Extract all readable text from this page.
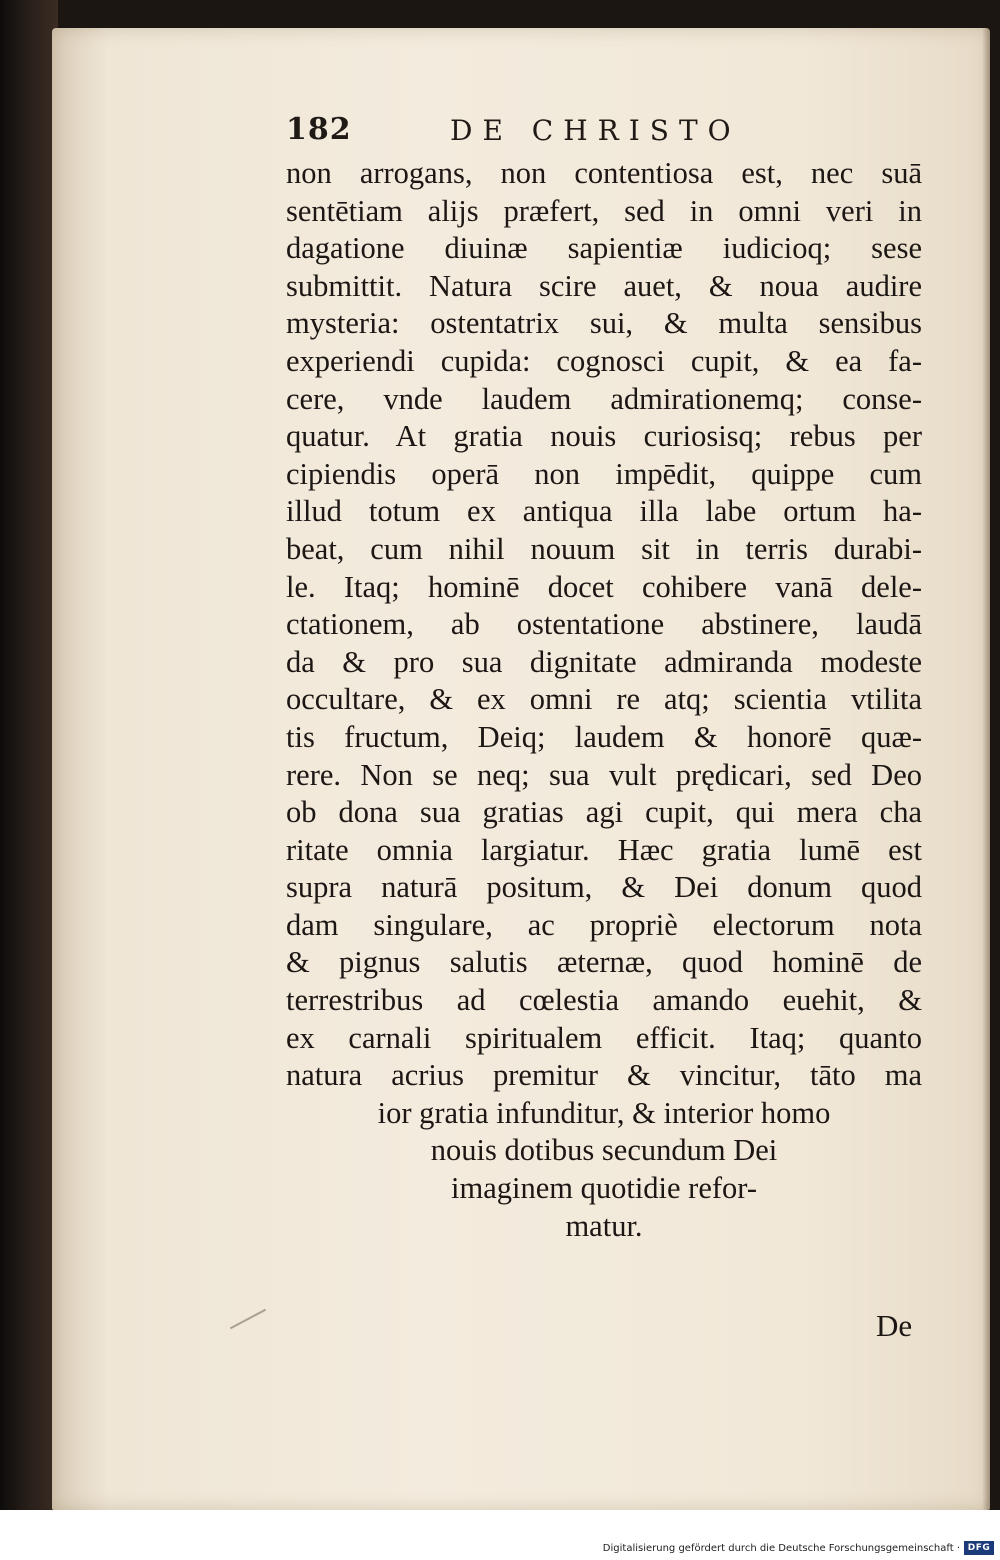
182	DE CHRISTO
non arrogans, non contentiosa est, nec suā
sentētiam alijs præfert, sed in omni veri in
dagatione diuinæ sapientiæ iudicioq; sese
submittit. Natura scire auet, & noua audire
mysteria: ostentatrix sui, & multa sensibus
experiendi cupida: cognosci cupit, & ea fa-
cere, vnde laudem admirationemq; conse-
quatur. At gratia nouis curiosisq; rebus per
cipiendis operā non impēdit, quippe cum
illud totum ex antiqua illa labe ortum ha-
beat, cum nihil nouum sit in terris durabi-
le. Itaq; hominē docet cohibere vanā dele-
ctationem, ab ostentatione abstinere, laudā
da & pro sua dignitate admiranda modeste
occultare, & ex omni re atq; scientia vtilita
tis fructum, Deiq; laudem & honorē quæ-
rere. Non se neq; sua vult prędicari, sed Deo
ob dona sua gratias agi cupit, qui mera cha
ritate omnia largiatur. Hæc gratia lumē est
supra naturā positum, & Dei donum quod
dam singulare, ac propriè electorum nota
& pignus salutis æternæ, quod hominē de
terrestribus ad cœlestia amando euehit, &
ex carnali spiritualem efficit. Itaq; quanto
natura acrius premitur & vincitur, tāto ma
ior gratia infunditur, & interior homo
nouis dotibus secundum Dei
imaginem quotidie refor-
matur.
De
Digitalisierung gefördert durch die Deutsche Forschungsgemeinschaft · DFG
